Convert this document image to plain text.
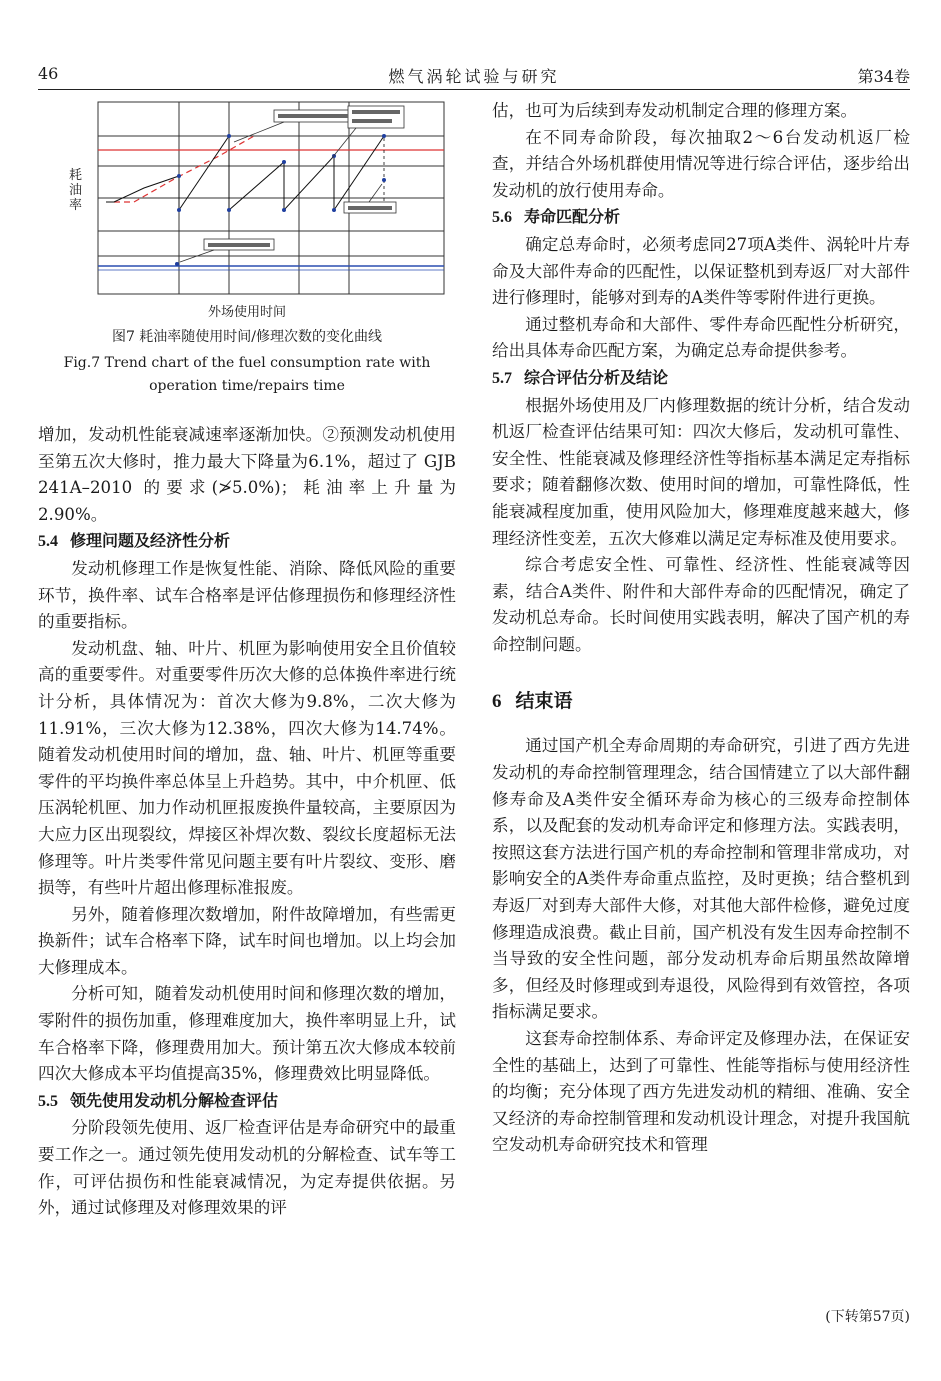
46	燃气涡轮试验与研究	第34卷
耗油率
外场使用时间
图7 耗油率随使用时间/修理次数的变化曲线
Fig.7 Trend chart of the fuel consumption rate with
operation time/repairs time

增加，发动机性能衰减速率逐渐加快。②预测发动机使用至第五次大修时，推力最大下降量为6.1%，超过了 GJB 241A–2010 的要求(≯5.0%)；耗油率上升量为2.90%。

5.4 修理问题及经济性分析

发动机修理工作是恢复性能、消除、降低风险的重要环节，换件率、试车合格率是评估修理损伤和修理经济性的重要指标。

发动机盘、轴、叶片、机匣为影响使用安全且价值较高的重要零件。对重要零件历次大修的总体换件率进行统计分析，具体情况为：首次大修为9.8%，二次大修为11.91%，三次大修为12.38%，四次大修为14.74%。随着发动机使用时间的增加，盘、轴、叶片、机匣等重要零件的平均换件率总体呈上升趋势。其中，中介机匣、低压涡轮机匣、加力作动机匣报废换件量较高，主要原因为大应力区出现裂纹，焊接区补焊次数、裂纹长度超标无法修理等。叶片类零件常见问题主要有叶片裂纹、变形、磨损等，有些叶片超出修理标准报废。

另外，随着修理次数增加，附件故障增加，有些需更换新件；试车合格率下降，试车时间也增加。以上均会加大修理成本。

分析可知，随着发动机使用时间和修理次数的增加，零附件的损伤加重，修理难度加大，换件率明显上升，试车合格率下降，修理费用加大。预计第五次大修成本较前四次大修成本平均值提高35%，修理费效比明显降低。

5.5 领先使用发动机分解检查评估

分阶段领先使用、返厂检查评估是寿命研究中的最重要工作之一。通过领先使用发动机的分解检查、试车等工作，可评估损伤和性能衰减情况，为定寿提供依据。另外，通过试修理及对修理效果的评

估，也可为后续到寿发动机制定合理的修理方案。

在不同寿命阶段，每次抽取2～6台发动机返厂检查，并结合外场机群使用情况等进行综合评估，逐步给出发动机的放行使用寿命。

5.6 寿命匹配分析

确定总寿命时，必须考虑同27项A类件、涡轮叶片寿命及大部件寿命的匹配性，以保证整机到寿返厂对大部件进行修理时，能够对到寿的A类件等零附件进行更换。

通过整机寿命和大部件、零件寿命匹配性分析研究，给出具体寿命匹配方案，为确定总寿命提供参考。

5.7 综合评估分析及结论

根据外场使用及厂内修理数据的统计分析，结合发动机返厂检查评估结果可知：四次大修后，发动机可靠性、安全性、性能衰减及修理经济性等指标基本满足定寿指标要求；随着翻修次数、使用时间的增加，可靠性降低，性能衰减程度加重，使用风险加大，修理难度越来越大，修理经济性变差，五次大修难以满足定寿标准及使用要求。

综合考虑安全性、可靠性、经济性、性能衰减等因素，结合A类件、附件和大部件寿命的匹配情况，确定了发动机总寿命。长时间使用实践表明，解决了国产机的寿命控制问题。

6 结束语

通过国产机全寿命周期的寿命研究，引进了西方先进发动机的寿命控制管理理念，结合国情建立了以大部件翻修寿命及A类件安全循环寿命为核心的三级寿命控制体系，以及配套的发动机寿命评定和修理方法。实践表明，按照这套方法进行国产机的寿命控制和管理非常成功，对影响安全的A类件寿命重点监控，及时更换；结合整机到寿返厂对到寿大部件大修，对其他大部件检修，避免过度修理造成浪费。截止目前，国产机没有发生因寿命控制不当导致的安全性问题，部分发动机寿命后期虽然故障增多，但经及时修理或到寿退役，风险得到有效管控，各项指标满足要求。

这套寿命控制体系、寿命评定及修理办法，在保证安全性的基础上，达到了可靠性、性能等指标与使用经济性的均衡；充分体现了西方先进发动机的精细、准确、安全又经济的寿命控制管理和发动机设计理念，对提升我国航空发动机寿命研究技术和管理

(下转第57页)
